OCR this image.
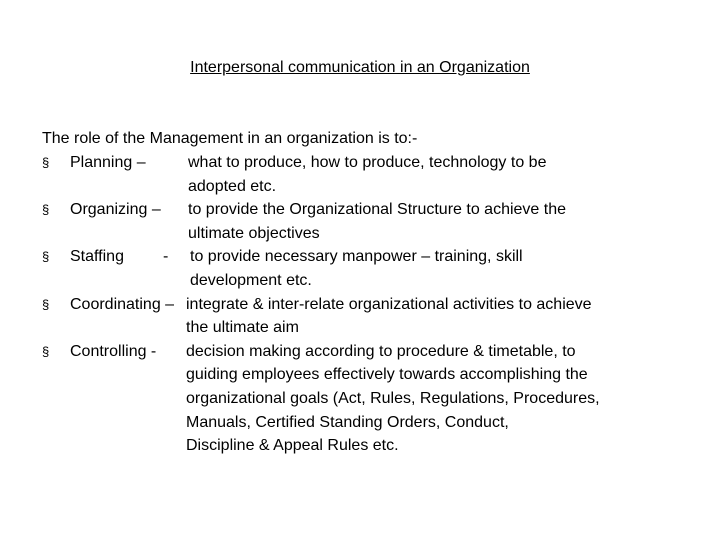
Interpersonal communication in an Organization
The role of the Management in an organization is to:-
§	Planning –	what to produce, how to produce, technology to be
adopted etc.
§	Organizing – to provide the Organizational Structure to achieve the
ultimate objectives
§	Staffing - to provide necessary manpower – training, skill
development etc.
§	Coordinating – integrate & inter-relate organizational activities to achieve
the ultimate aim
§	Controlling - decision making according to procedure & timetable, to
guiding employees effectively towards accomplishing the
organizational goals (Act, Rules, Regulations, Procedures,
Manuals, Certified Standing Orders, Conduct,
Discipline & Appeal Rules etc.
